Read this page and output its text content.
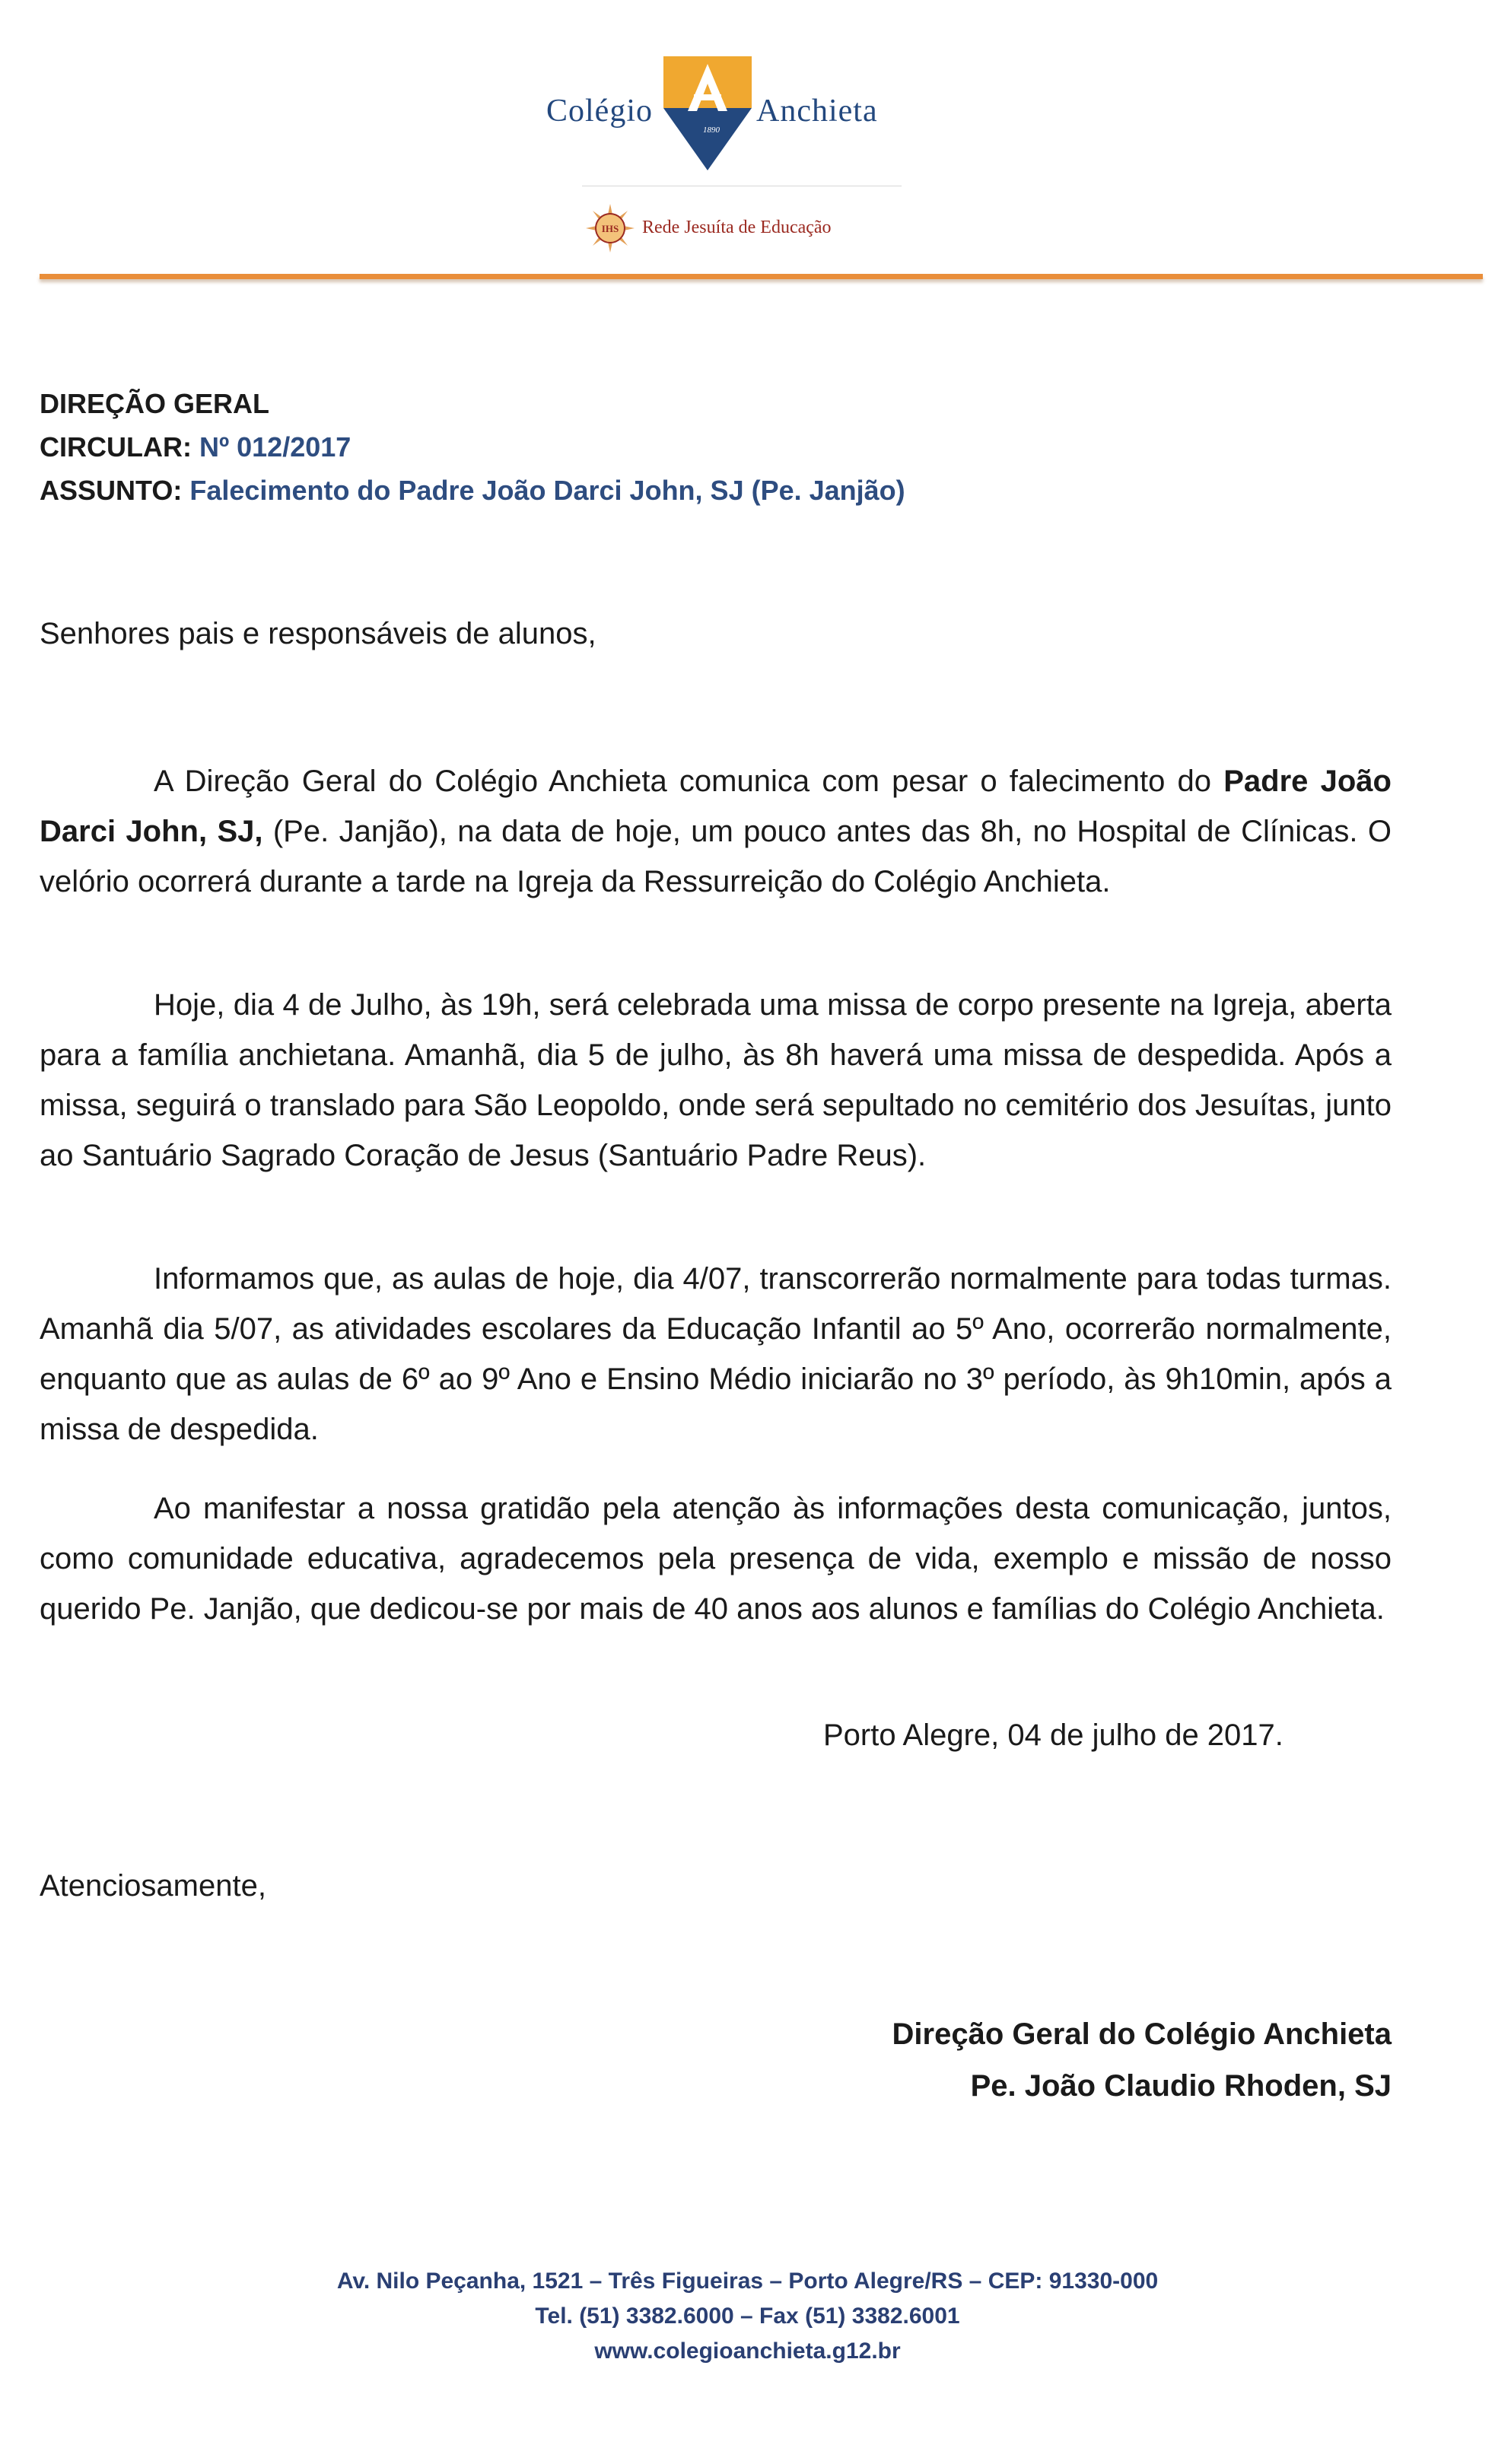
Colégio
1890
Anchieta
IHS Rede Jesuíta de Educação
DIREÇÃO GERAL
CIRCULAR: Nº 012/2017
ASSUNTO: Falecimento do Padre João Darci John, SJ (Pe. Janjão)
Senhores pais e responsáveis de alunos,

A Direção Geral do Colégio Anchieta comunica com pesar o falecimento do Padre João Darci John, SJ, (Pe. Janjão), na data de hoje, um pouco antes das 8h, no Hospital de Clínicas. O velório ocorrerá durante a tarde na Igreja da Ressurreição do Colégio Anchieta.

Hoje, dia 4 de Julho, às 19h, será celebrada uma missa de corpo presente na Igreja, aberta para a família anchietana. Amanhã, dia 5 de julho, às 8h haverá uma missa de despedida. Após a missa, seguirá o translado para São Leopoldo, onde será sepultado no cemitério dos Jesuítas, junto ao Santuário Sagrado Coração de Jesus (Santuário Padre Reus).

Informamos que, as aulas de hoje, dia 4/07, transcorrerão normalmente para todas turmas. Amanhã dia 5/07, as atividades escolares da Educação Infantil ao 5º Ano, ocorrerão normalmente, enquanto que as aulas de 6º ao 9º Ano e Ensino Médio iniciarão no 3º período, às 9h10min, após a missa de despedida.

Ao manifestar a nossa gratidão pela atenção às informações desta comunicação, juntos, como comunidade educativa, agradecemos pela presença de vida, exemplo e missão de nosso querido Pe. Janjão, que dedicou-se por mais de 40 anos aos alunos e famílias do Colégio Anchieta.

Porto Alegre, 04 de julho de 2017.
Atenciosamente,
Direção Geral do Colégio Anchieta
Pe. João Claudio Rhoden, SJ
Av. Nilo Peçanha, 1521 – Três Figueiras – Porto Alegre/RS – CEP: 91330-000
Tel. (51) 3382.6000 – Fax (51) 3382.6001
www.colegioanchieta.g12.br
